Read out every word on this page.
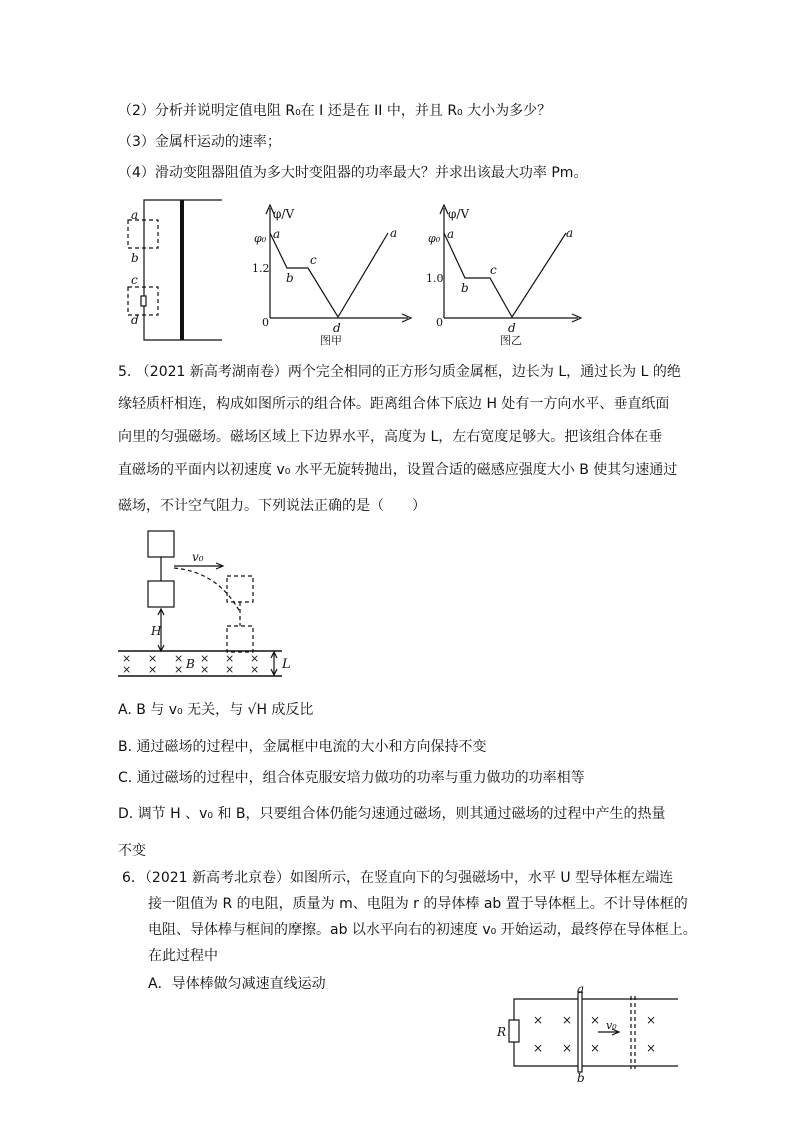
（2）分析并说明定值电阻 R₀在 I 还是在 II 中，并且 R₀ 大小为多少？
（3）金属杆运动的速率；
（4）滑动变阻器阻值为多大时变阻器的功率最大？并求出该最大功率 Pm。
a
b
c
d
φ/V
φ₀
1.2
0
a
b
c
d
a
图甲
φ/V
φ₀
1.0
0
a
b
c
d
a
图乙
5. （2021 新高考湖南卷）两个完全相同的正方形匀质金属框，边长为 L，通过长为 L 的绝
缘轻质杆相连，构成如图所示的组合体。距离组合体下底边 H 处有一方向水平、垂直纸面
向里的匀强磁场。磁场区域上下边界水平，高度为 L，左右宽度足够大。把该组合体在垂
直磁场的平面内以初速度 v₀ 水平无旋转抛出，设置合适的磁感应强度大小 B 使其匀速通过
磁场，不计空气阻力。下列说法正确的是（　　）
v₀
H
B	L
× × × × × ×
× × × × × ×
A. B 与 v₀ 无关，与 √H 成反比
B. 通过磁场的过程中，金属框中电流的大小和方向保持不变
C. 通过磁场的过程中，组合体克服安培力做功的功率与重力做功的功率相等
D. 调节 H 、v₀ 和 B，只要组合体仍能匀速通过磁场，则其通过磁场的过程中产生的热量
不变
6．（2021 新高考北京卷）如图所示，在竖直向下的匀强磁场中，水平 U 型导体框左端连
接一阻值为 R 的电阻，质量为 m、电阻为 r 的导体棒 ab 置于导体框上。不计导体框的
电阻、导体棒与框间的摩擦。ab 以水平向右的初速度 v₀ 开始运动，最终停在导体框上。
在此过程中
A．导体棒做匀减速直线运动
R
a
b
v₀
× × ×	×
× × ×	×
